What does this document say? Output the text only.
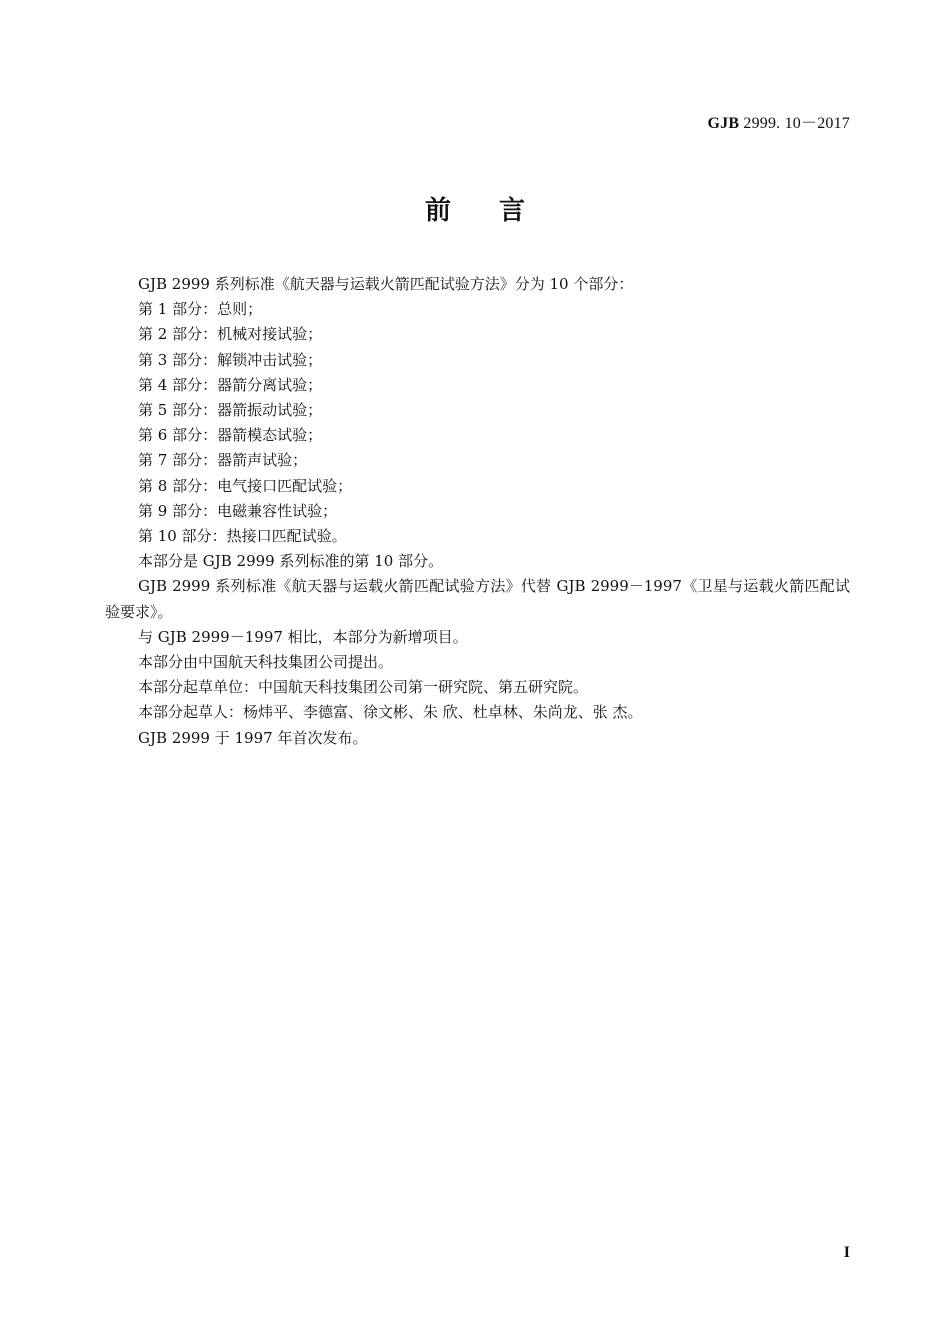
GJB 2999. 10－2017
前言

GJB 2999 系列标准《航天器与运载火箭匹配试验方法》分为 10 个部分：

第 1 部分：总则；

第 2 部分：机械对接试验；

第 3 部分：解锁冲击试验；

第 4 部分：器箭分离试验；

第 5 部分：器箭振动试验；

第 6 部分：器箭模态试验；

第 7 部分：器箭声试验；

第 8 部分：电气接口匹配试验；

第 9 部分：电磁兼容性试验；

第 10 部分：热接口匹配试验。

本部分是 GJB 2999 系列标准的第 10 部分。

GJB 2999 系列标准《航天器与运载火箭匹配试验方法》代替 GJB 2999－1997《卫星与运载火箭匹配试验要求》。

与 GJB 2999－1997 相比，本部分为新增项目。

本部分由中国航天科技集团公司提出。

本部分起草单位：中国航天科技集团公司第一研究院、第五研究院。

本部分起草人：杨炜平、李德富、徐文彬、朱 欣、杜卓林、朱尚龙、张 杰。

GJB 2999 于 1997 年首次发布。

I
